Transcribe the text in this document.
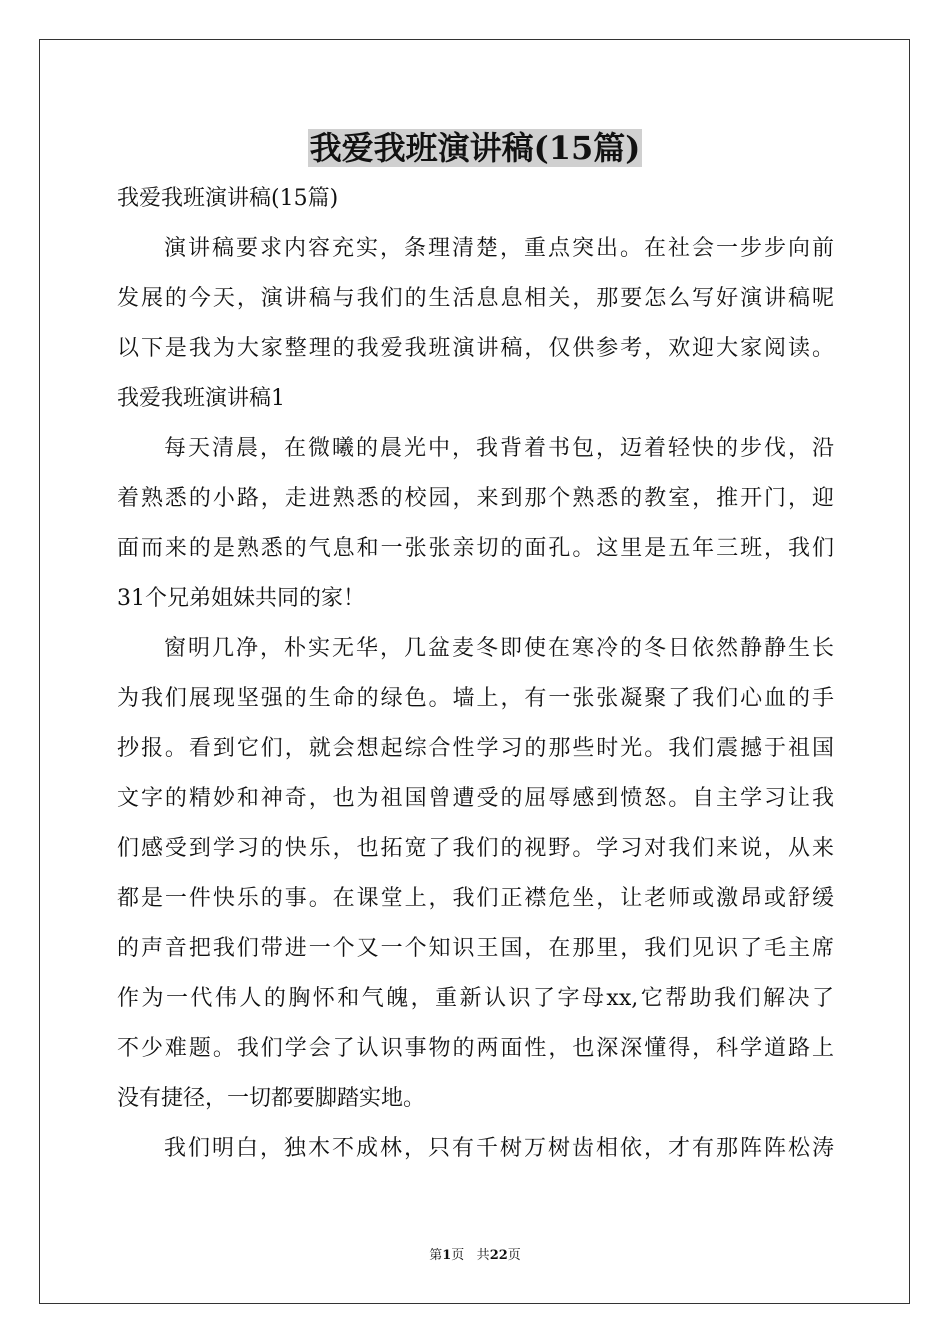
我爱我班演讲稿(15篇)
我爱我班演讲稿(15篇)
演讲稿要求内容充实，条理清楚，重点突出。在社会一步步向前
发展的今天，演讲稿与我们的生活息息相关，那要怎么写好演讲稿呢
以下是我为大家整理的我爱我班演讲稿，仅供参考，欢迎大家阅读。
我爱我班演讲稿1
每天清晨，在微曦的晨光中，我背着书包，迈着轻快的步伐，沿
着熟悉的小路，走进熟悉的校园，来到那个熟悉的教室，推开门，迎
面而来的是熟悉的气息和一张张亲切的面孔。这里是五年三班，我们
31个兄弟姐妹共同的家！
窗明几净，朴实无华，几盆麦冬即使在寒冷的冬日依然静静生长
为我们展现坚强的生命的绿色。墙上，有一张张凝聚了我们心血的手
抄报。看到它们，就会想起综合性学习的那些时光。我们震撼于祖国
文字的精妙和神奇，也为祖国曾遭受的屈辱感到愤怒。自主学习让我
们感受到学习的快乐，也拓宽了我们的视野。学习对我们来说，从来
都是一件快乐的事。在课堂上，我们正襟危坐，让老师或激昂或舒缓
的声音把我们带进一个又一个知识王国，在那里，我们见识了毛主席
作为一代伟人的胸怀和气魄，重新认识了字母xx,它帮助我们解决了
不少难题。我们学会了认识事物的两面性，也深深懂得，科学道路上
没有捷径，一切都要脚踏实地。
我们明白，独木不成林，只有千树万树齿相依，才有那阵阵松涛
第1页 共22页
